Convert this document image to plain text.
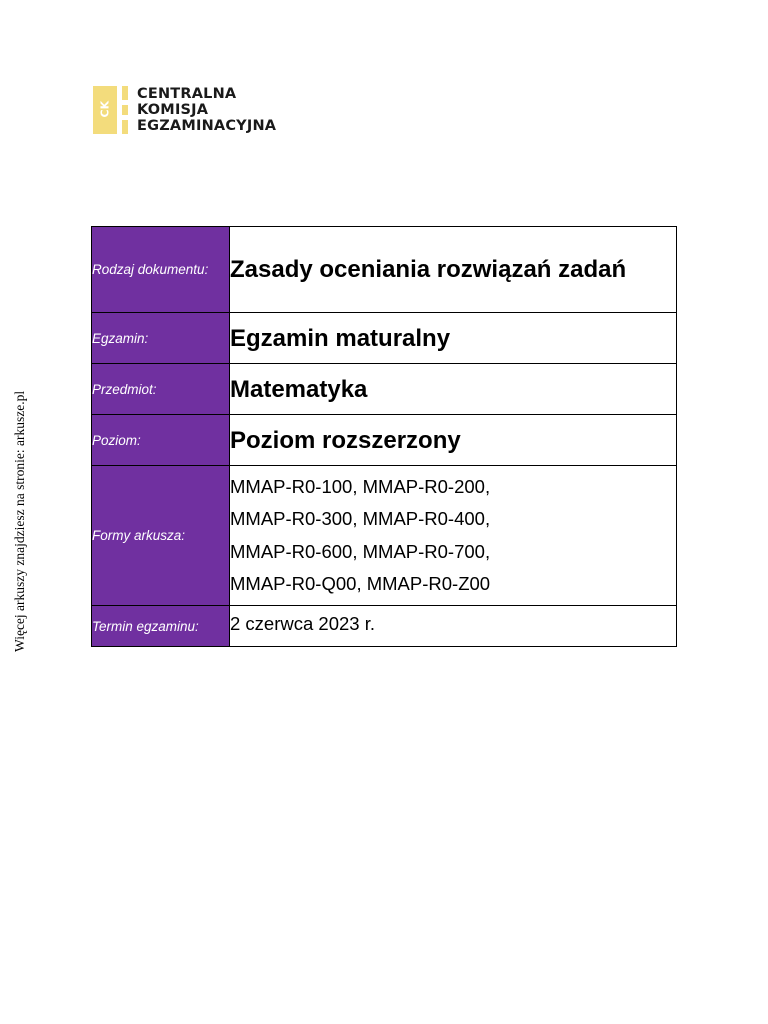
CK
CENTRALNA
KOMISJA
EGZAMINACYJNA
Więcej arkuszy znajdziesz na stronie: arkusze.pl
Rodzaj dokumentu:	Zasady oceniania rozwiązań zadań

Egzamin:	Egzamin maturalny

Przedmiot:	Matematyka

Poziom:	Poziom rozszerzony

Formy arkusza:	MMAP-R0-100, MMAP-R0-200,
MMAP-R0-300, MMAP-R0-400,
MMAP-R0-600, MMAP-R0-700,
MMAP-R0-Q00, MMAP-R0-Z00

Termin egzaminu:	2 czerwca 2023 r.
